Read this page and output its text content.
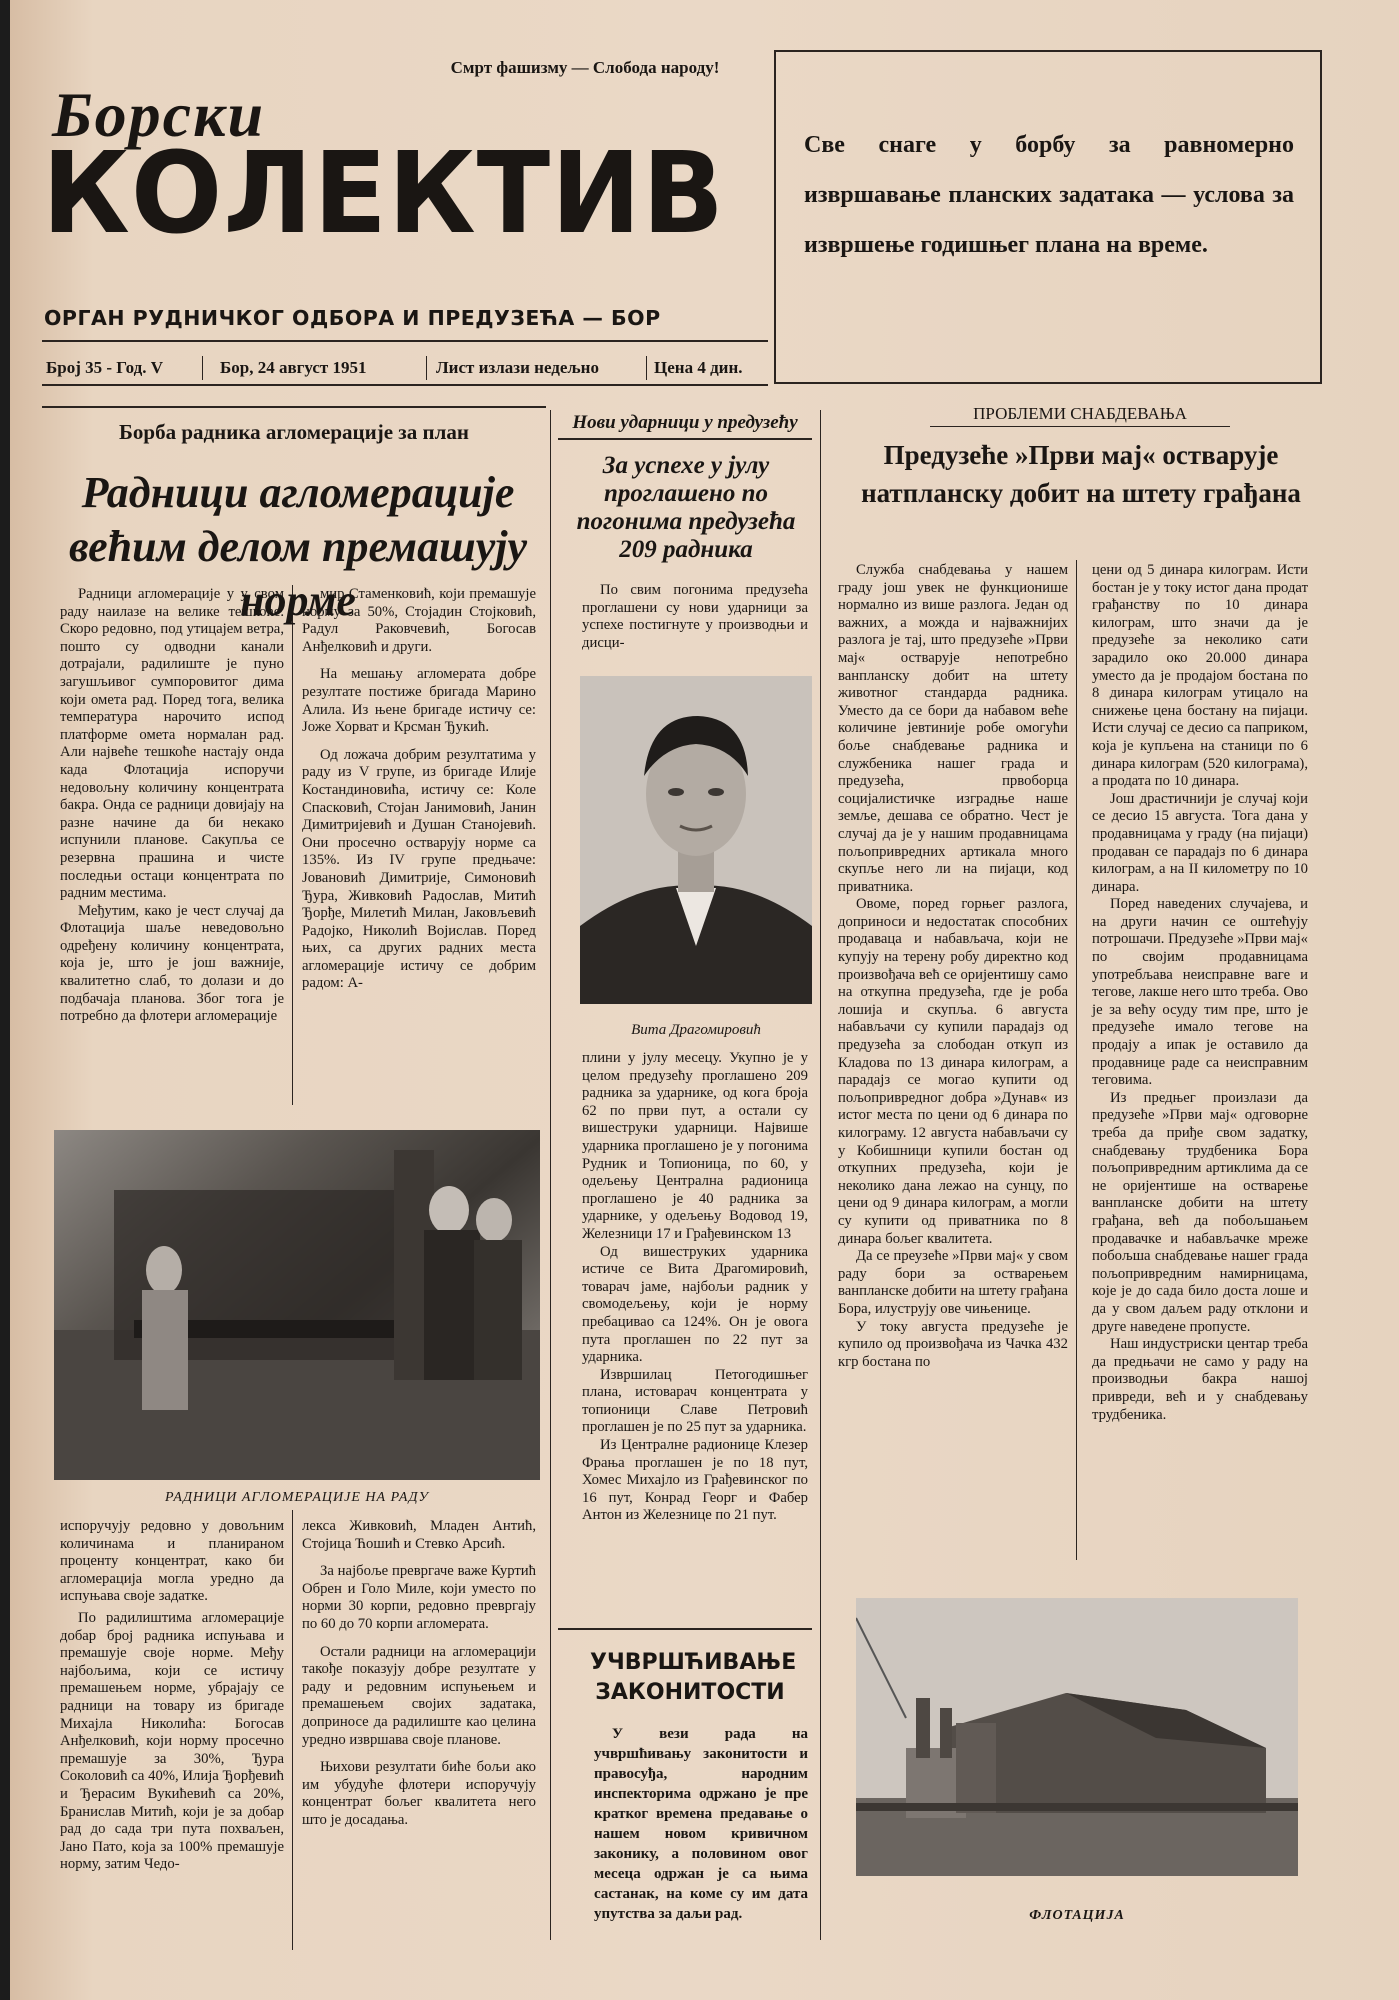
Смрт фашизму — Слобода народу!
Борски
КОЛЕКТИВ
ОРГАН РУДНИЧКОГ ОДБОРА И ПРЕДУЗЕЋА — БОР
Број 35 - Год. V	Бор, 24 август 1951	Лист излази недељно	Цена 4 дин.
Све снаге у борбу за равномерно извршавање планских задатака — услова за извршење годишњег плана на време.
Борба радника агломерације за план
Радници агломерације већим делом премашују норме

Радници агломерације у у свом раду наилазе на велике тешкоће. Скоро редовно, под утицајем ветра, пошто су одводни канали дотрајали, радилиште је пуно загушљивог сумпоровитог дима који омета рад. Поред тога, велика температура нарочито испод платформе омета нормалан рад. Али највеће тешкоће настају онда када Флотација испоручи недовољну количину концентрата бакра. Онда се радници довијају на разне начине да би некако испунили планове. Сакупља се резервна прашина и чисте последњи остаци концентрата по радним местима.

Међутим, како је чест случај да Флотација шаље неведовољно одређену количину концентрата, која је, што је још важније, квалитетно слаб, то долази и до подбачаја планова. Због тога је потребно да флотери агломерације

мир Стаменковић, који премашује норму за 50%, Стојадин Стојковић, Радул Раковчевић, Богосав Анђелковић и други.

На мешању агломерата добре резултате постиже бригада Марино Алила. Из њене бригаде истичу се: Јоже Хорват и Крсман Ђукић.

Од ложача добрим резултатима у раду из V групе, из бригаде Илије Костандиновића, истичу се: Коле Спасковић, Стојан Јанимовић, Јанин Димитријевић и Душан Станојевић. Они просечно остварују норме са 135%. Из IV групе предњаче: Јовановић Димитрије, Симоновић Ђура, Живковић Радослав, Митић Ђорђе, Милетић Милан, Јаковљевић Радојко, Николић Војислав. Поред њих, са других радних места агломерације истичу се добрим радом: А-

РАДНИЦИ АГЛОМЕРАЦИЈЕ НА РАДУ

испоручују редовно у довољним количинама и планираном проценту концентрат, како би агломерација могла уредно да испуњава своје задатке.

По радилиштима агломерације добар број радника испуњава и премашује своје норме. Међу најбољима, који се истичу премашењем норме, убрајају се радници на товару из бригаде Михајла Николића: Богосав Анђелковић, који норму просечно премашује за 30%, Ђура Соколовић са 40%, Илија Ђорђевић и Ђерасим Вукићевић са 20%, Бранислав Митић, који је за добар рад до сада три пута похваљен, Јано Пато, која за 100% премашује норму, затим Чедо-

лекса Живковић, Младен Антић, Стојица Ћошић и Стевко Арсић.

За најбоље превргаче важе Куртић Обрен и Голо Миле, који уместо по норми 30 корпи, редовно превргају по 60 до 70 корпи агломерата.

Остали радници на агломерацији такође показују добре резултате у раду и редовним испуњењем и премашењем својих задатака, доприносе да радилиште као целина уредно извршава своје планове.

Њихови резултати биће бољи ако им убудуће флотери испоручују концентрат бољег квалитета него што је досадања.

Нови ударници у предузећу
За успехе у јулу проглашено по погонима предузећа 209 радника
По свим погонима предузећа проглашени су нови ударници за успехе постигнуте у производњи и дисци-
Вита Драгомировић

плини у јулу месецу. Укупно је у целом предузећу проглашено 209 радника за ударнике, од кога броја 62 по први пут, а остали су вишеструки ударници. Највише ударника проглашено је у погонима Рудник и Топионица, по 60, у одељењу Централна радионица проглашено је 40 радника за ударнике, у одељењу Водовод 19, Железници 17 и Грађевинском 13

Од вишеструких ударника истиче се Вита Драгомировић, товарач јаме, најбољи радник у свомодељењу, који је норму пребацивао са 124%. Он је овога пута проглашен по 22 пут за ударника.

Извршилац Петогодишњег плана, истоварач концентрата у топионици Славе Петровић проглашен је по 25 пут за ударника.

Из Централне радионице Клезер Фрања проглашен је по 18 пут, Хомес Михајло из Грађевинског по 16 пут, Конрад Георг и Фабер Антон из Железнице по 21 пут.

УЧВРШЋИВАЊЕ ЗАКОНИТОСТИ
У вези рада на учвршћивању законитости и правосуђа, народним инспекторима одржано је пре кратког времена предавање о нашем новом кривичном законику, а половином овог месеца одржан је са њима састанак, на коме су им дата упутства за даљи рад.
ПРОБЛЕМИ СНАБДЕВАЊА
Предузеће »Први мај« остварује натпланску добит на штету грађана

Служба снабдевања у нашем граду још увек не функционише нормално из више разлога. Један од важних, а можда и најважнијих разлога је тај, што предузеће »Први мај« остварује непотребно ванпланску добит на штету животног стандарда радника. Уместо да се бори да набавом веће количине јевтиније робе омогући боље снабдевање радника и службеника нашег града и предузећа, првоборца социјалистичке изградње наше земље, дешава се обратно. Чест је случај да је у нашим продавницама пољопривредних артикала много скупље него ли на пијаци, код приватника.

Овоме, поред горњег разлога, доприноси и недостатак способних продаваца и набављача, који не купују на терену робу директно код произвођача већ се оријентишу само на откупна предузећа, где је роба лошија и скупља. 6 августа набављачи су купили парадајз од предузећа за слободан откуп из Кладова по 13 динара килограм, а парадајз се могао купити од пољопривредног добра »Дунав« из истог места по цени од 6 динара по килограму. 12 августа набављачи су у Кобишници купили бостан од откупних предузећа, који је неколико дана лежао на сунцу, по цени од 9 динара килограм, а могли су купити од приватника по 8 динара бољег квалитета.

Да се преузеће »Први мај« у свом раду бори за остварењем ванпланске добити на штету грађана Бора, илуструју ове чињенице.

У току августа предузеће је купило од произвођача из Чачка 432 кгр бостана по

цени од 5 динара килограм. Исти бостан је у току истог дана продат грађанству по 10 динара килограм, што значи да је предузеће за неколико сати зарадило око 20.000 динара уместо да је продајом бостана по 8 динара килограм утицало на снижење цена бостану на пијаци. Исти случај се десио са паприком, која је купљена на станици по 6 динара килограм (520 килограма), а продата по 10 динара.

Још драстичнији је случај који се десио 15 августа. Тога дана у продавницама у граду (на пијаци) продаван се парадајз по 6 динара килограм, а на II километру по 10 динара.

Поред наведених случајева, и на други начин се оштећују потрошачи. Предузеће »Први мај« по својим продавницама употребљава неисправне ваге и тегове, лакше него што треба. Ово је за већу осуду тим пре, што је предузеће имало тегове на продају а ипак је оставило да продавнице раде са неисправним теговима.

Из предњег произлази да предузеће »Први мај« одговорне треба да приђе свом задатку, снабдевању трудбеника Бора пољопривредним артиклима да се не оријентише на остварење ванпланске добити на штету грађана, већ да побољшањем продавачке и набављачке мреже побољша снабдевање нашег града пољопривредним намирницама, које је до сада било доста лоше и да у свом даљем раду отклони и друге наведене пропусте.

Наш индустриски центар треба да предњачи не само у раду на производњи бакра нашој привреди, већ и у снабдевању трудбеника.

ФЛОТАЦИЈА
